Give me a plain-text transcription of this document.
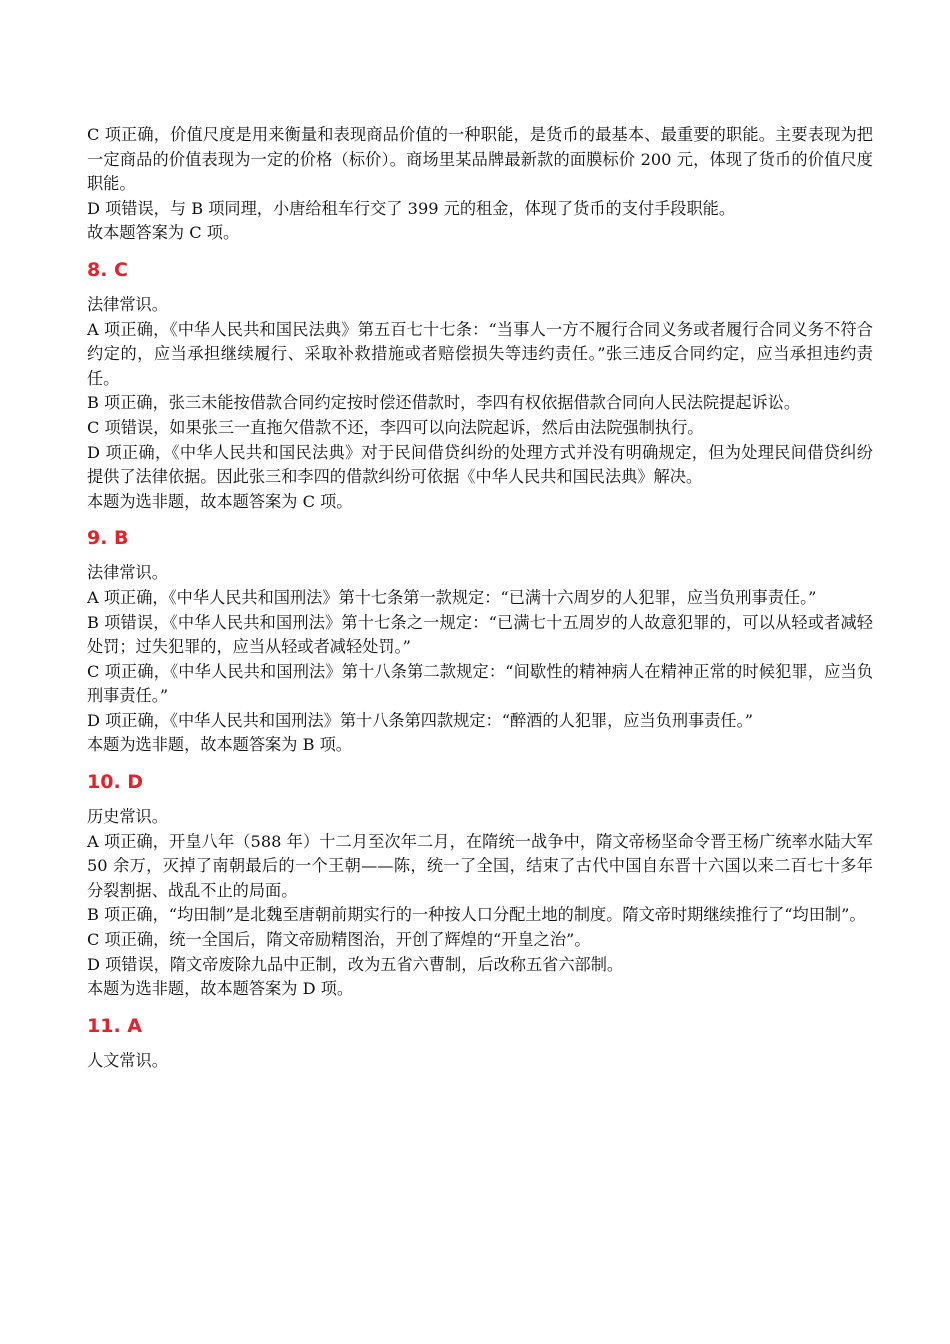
C 项正确，价值尺度是用来衡量和表现商品价值的一种职能，是货币的最基本、最重要的职能。主要表现为把一定商品的价值表现为一定的价格（标价）。商场里某品牌最新款的面膜标价 200 元，体现了货币的价值尺度职能。

D 项错误，与 B 项同理，小唐给租车行交了 399 元的租金，体现了货币的支付手段职能。

故本题答案为 C 项。

8. C

法律常识。

A 项正确，《中华人民共和国民法典》第五百七十七条：“当事人一方不履行合同义务或者履行合同义务不符合约定的，应当承担继续履行、采取补救措施或者赔偿损失等违约责任。”张三违反合同约定，应当承担违约责任。

B 项正确，张三未能按借款合同约定按时偿还借款时，李四有权依据借款合同向人民法院提起诉讼。

C 项错误，如果张三一直拖欠借款不还，李四可以向法院起诉，然后由法院强制执行。

D 项正确，《中华人民共和国民法典》对于民间借贷纠纷的处理方式并没有明确规定，但为处理民间借贷纠纷提供了法律依据。因此张三和李四的借款纠纷可依据《中华人民共和国民法典》解决。

本题为选非题，故本题答案为 C 项。

9. B

法律常识。

A 项正确，《中华人民共和国刑法》第十七条第一款规定：“已满十六周岁的人犯罪，应当负刑事责任。”

B 项错误，《中华人民共和国刑法》第十七条之一规定：“已满七十五周岁的人故意犯罪的，可以从轻或者减轻处罚；过失犯罪的，应当从轻或者减轻处罚。”

C 项正确，《中华人民共和国刑法》第十八条第二款规定：“间歇性的精神病人在精神正常的时候犯罪，应当负刑事责任。”

D 项正确，《中华人民共和国刑法》第十八条第四款规定：“醉酒的人犯罪，应当负刑事责任。”

本题为选非题，故本题答案为 B 项。

10. D

历史常识。

A 项正确，开皇八年（588 年）十二月至次年二月，在隋统一战争中，隋文帝杨坚命令晋王杨广统率水陆大军 50 余万，灭掉了南朝最后的一个王朝——陈，统一了全国，结束了古代中国自东晋十六国以来二百七十多年分裂割据、战乱不止的局面。

B 项正确，“均田制”是北魏至唐朝前期实行的一种按人口分配土地的制度。隋文帝时期继续推行了“均田制”。

C 项正确，统一全国后，隋文帝励精图治，开创了辉煌的“开皇之治”。

D 项错误，隋文帝废除九品中正制，改为五省六曹制，后改称五省六部制。

本题为选非题，故本题答案为 D 项。

11. A

人文常识。
